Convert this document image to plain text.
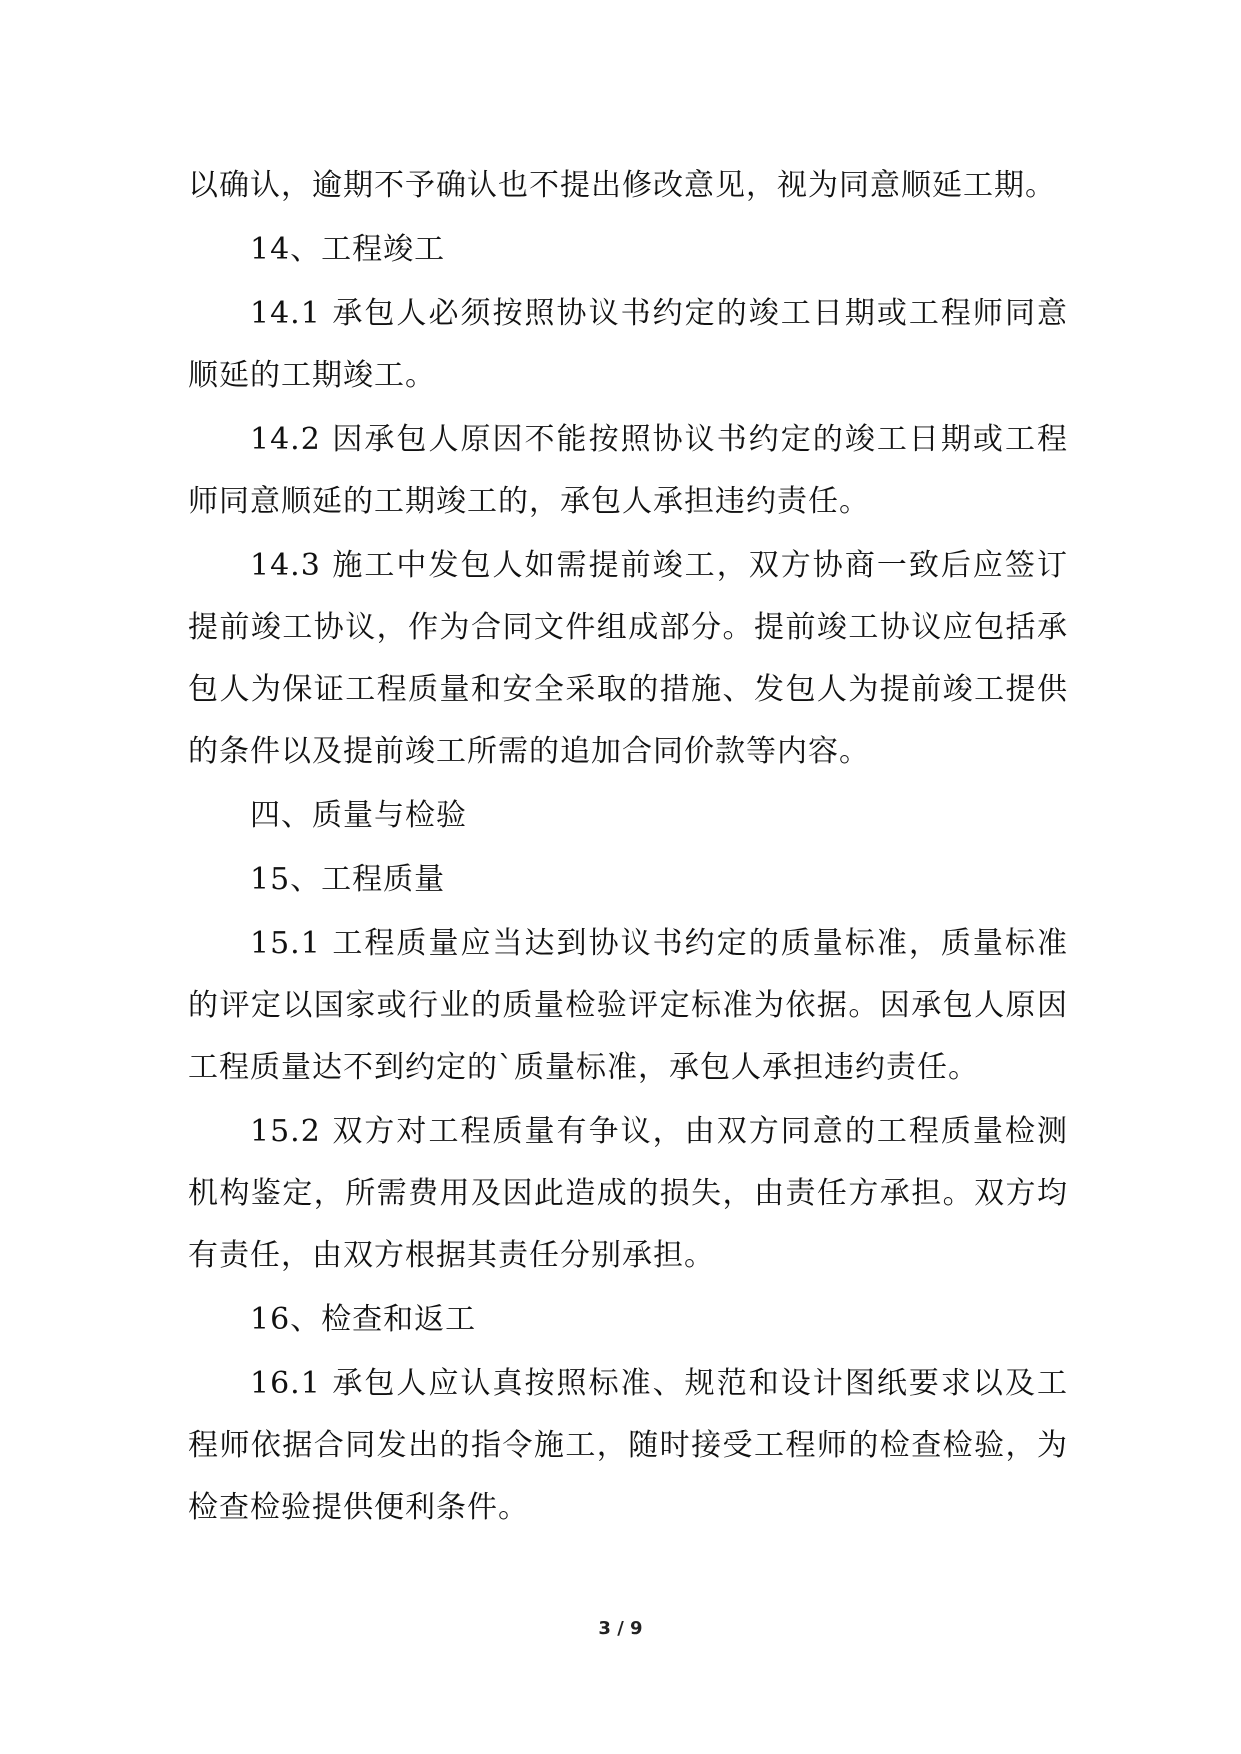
以确认，逾期不予确认也不提出修改意见，视为同意顺延工期。

14、工程竣工

14.1 承包人必须按照协议书约定的竣工日期或工程师同意顺延的工期竣工。

14.2 因承包人原因不能按照协议书约定的竣工日期或工程师同意顺延的工期竣工的，承包人承担违约责任。

14.3 施工中发包人如需提前竣工，双方协商一致后应签订提前竣工协议，作为合同文件组成部分。提前竣工协议应包括承包人为保证工程质量和安全采取的措施、发包人为提前竣工提供的条件以及提前竣工所需的追加合同价款等内容。

四、质量与检验

15、工程质量

15.1 工程质量应当达到协议书约定的质量标准，质量标准的评定以国家或行业的质量检验评定标准为依据。因承包人原因工程质量达不到约定的`质量标准，承包人承担违约责任。

15.2 双方对工程质量有争议，由双方同意的工程质量检测机构鉴定，所需费用及因此造成的损失，由责任方承担。双方均有责任，由双方根据其责任分别承担。

16、检查和返工

16.1 承包人应认真按照标准、规范和设计图纸要求以及工程师依据合同发出的指令施工，随时接受工程师的检查检验，为检查检验提供便利条件。

3 / 9
